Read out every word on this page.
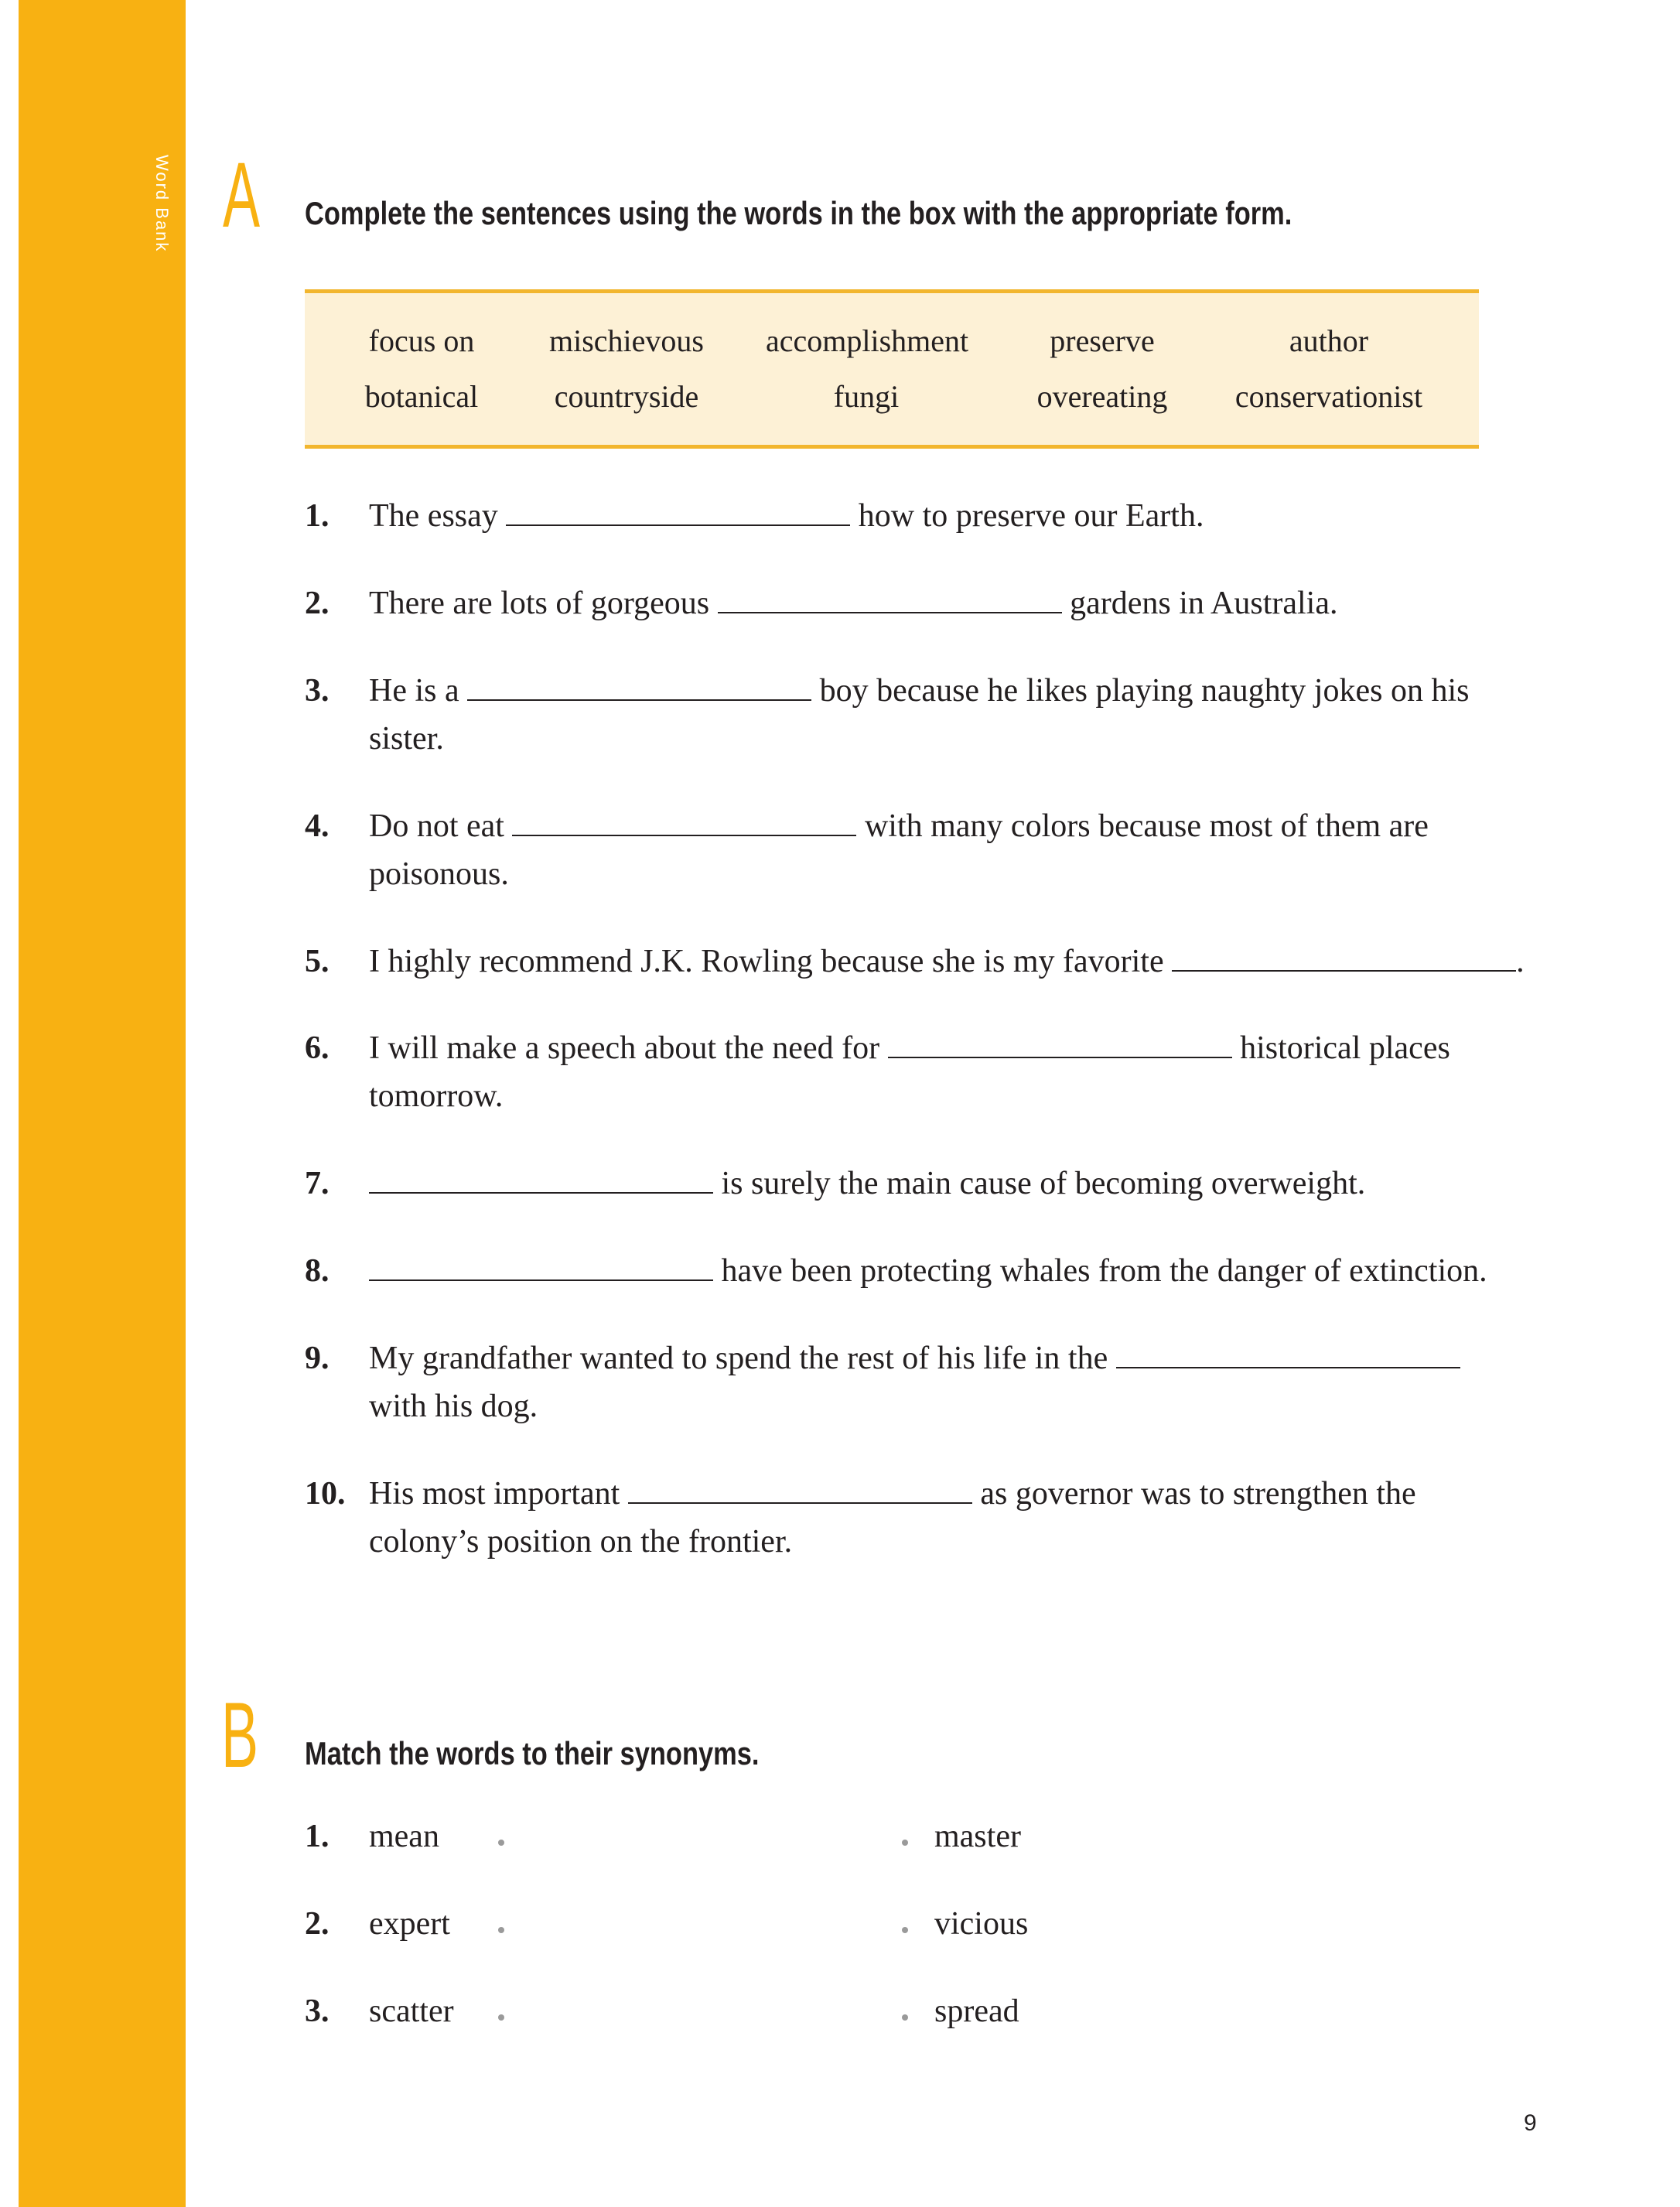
Word Bank A Complete the sentences using the words in the box with the appropriate form.
focus on	mischievous	accomplishment	preserve	author
botanical	countryside	fungi	overeating	conservationist
1. The essay	how to preserve our Earth.
2. There are lots of gorgeous	gardens in Australia.
3. He is a	boy because he likes playing naughty jokes on his
sister.
4. Do not eat	with many colors because most of them are
poisonous.
5. I highly recommend J.K. Rowling because she is my favorite	.
6. I will make a speech about the need for	historical places
tomorrow.
7.	is surely the main cause of becoming overweight.
8.	have been protecting whales from the danger of extinction.
9. My grandfather wanted to spend the rest of his life in the
with his dog.
10. His most important	as governor was to strengthen the
colony’s position on the frontier.
B Match the words to their synonyms.
1. mean	master
2. expert	vicious
3. scatter	spread
9
